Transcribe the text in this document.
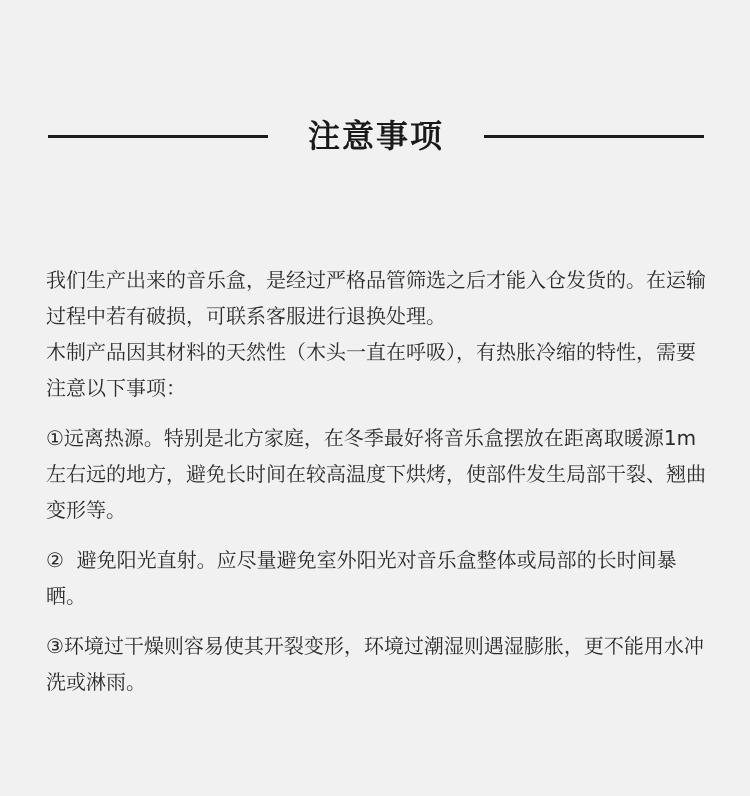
注意事项

我们生产出来的音乐盒，是经过严格品管筛选之后才能入仓发货的。在运输过程中若有破损，可联系客服进行退换处理。

木制产品因其材料的天然性（木头一直在呼吸），有热胀冷缩的特性，需要注意以下事项：

①远离热源。特别是北方家庭，在冬季最好将音乐盒摆放在距离取暖源1m左右远的地方，避免长时间在较高温度下烘烤，使部件发生局部干裂、翘曲变形等。

②  避免阳光直射。应尽量避免室外阳光对音乐盒整体或局部的长时间暴晒。

③环境过干燥则容易使其开裂变形，环境过潮湿则遇湿膨胀，更不能用水冲洗或淋雨。
